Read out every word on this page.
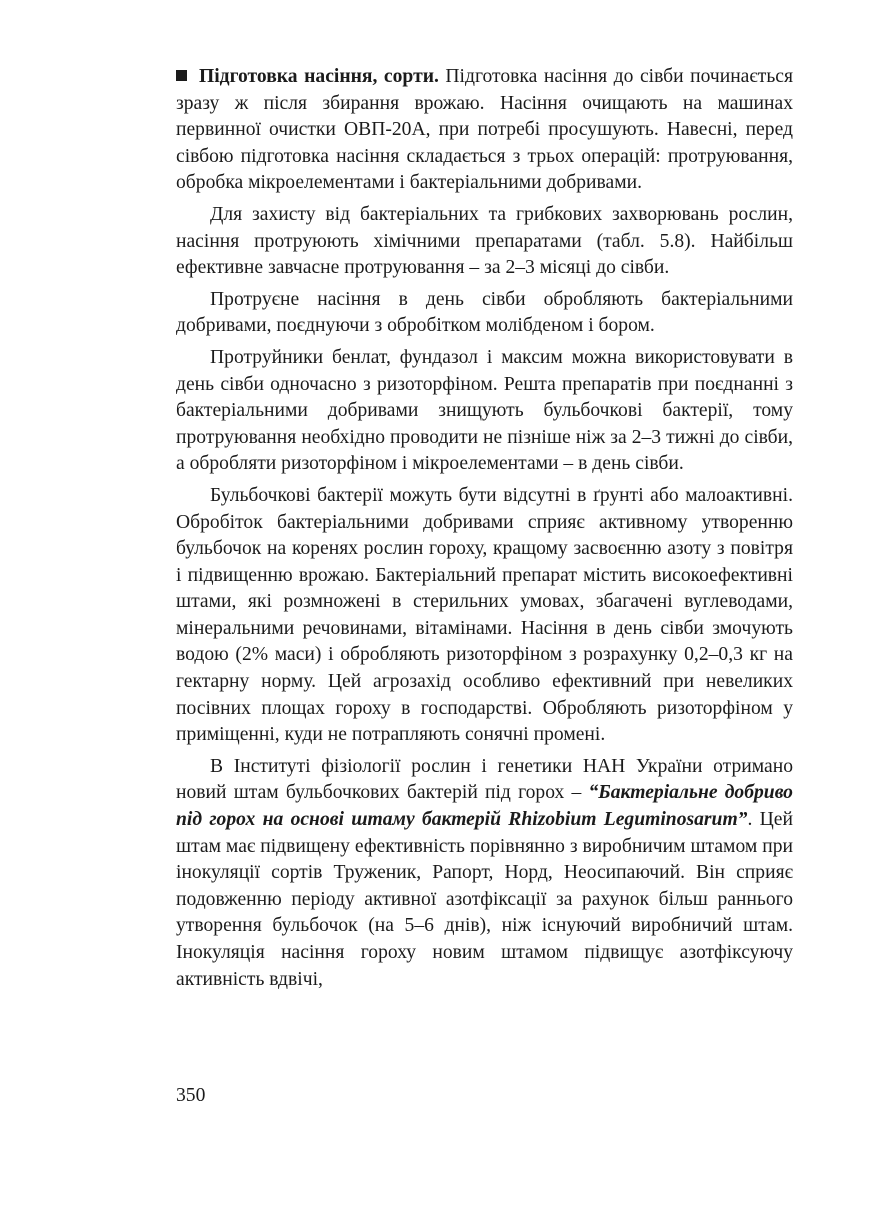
Підготовка насіння, сорти. Підготовка насіння до сівби починається зразу ж після збирання врожаю. Насіння очищають на машинах первинної очистки ОВП-20А, при потребі просушують. Навесні, перед сівбою підготовка насіння складається з трьох операцій: протруювання, обробка мікроелементами і бактеріальними добривами.

Для захисту від бактеріальних та грибкових захворювань рослин, насіння протруюють хімічними препаратами (табл. 5.8). Найбільш ефективне завчасне протруювання – за 2–3 місяці до сівби.

Протруєне насіння в день сівби обробляють бактеріальними добривами, поєднуючи з обробітком молібденом і бором.

Протруйники бенлат, фундазол і максим можна використовувати в день сівби одночасно з ризоторфіном. Решта препаратів при поєднанні з бактеріальними добривами знищують бульбочкові бактерії, тому протруювання необхідно проводити не пізніше ніж за 2–3 тижні до сівби, а обробляти ризоторфіном і мікроелементами – в день сівби.

Бульбочкові бактерії можуть бути відсутні в ґрунті або малоактивні. Обробіток бактеріальними добривами сприяє активному утворенню бульбочок на коренях рослин гороху, кращому засвоєнню азоту з повітря і підвищенню врожаю. Бактеріальний препарат містить високоефективні штами, які розмножені в стерильних умовах, збагачені вуглеводами, мінеральними речовинами, вітамінами. Насіння в день сівби змочують водою (2% маси) і обробляють ризоторфіном з розрахунку 0,2–0,3 кг на гектарну норму. Цей агрозахід особливо ефективний при невеликих посівних площах гороху в господарстві. Обробляють ризоторфіном у приміщенні, куди не потрапляють сонячні промені.

В Інституті фізіології рослин і генетики НАН України отримано новий штам бульбочкових бактерій під горох – “Бактеріальне добриво під горох на основі штаму бактерій Rhizobium Leguminosarum”. Цей штам має підвищену ефективність порівнянно з виробничим штамом при інокуляції сортів Труженик, Рапорт, Норд, Неосипаючий. Він сприяє подовженню періоду активної азотфіксації за рахунок більш раннього утворення бульбочок (на 5–6 днів), ніж існуючий виробничий штам. Інокуляція насіння гороху новим штамом підвищує азотфіксуючу активність вдвічі,

350
